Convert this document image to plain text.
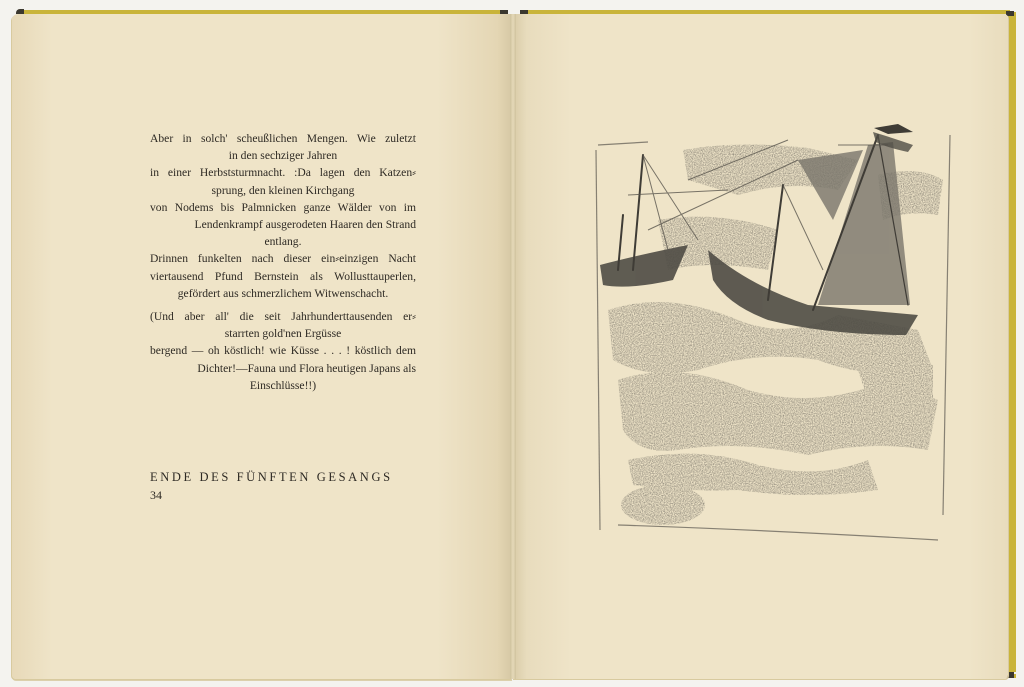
Aber in solch' scheußlichen Mengen. Wie zuletzt

in den sechziger Jahren

in einer Herbststurmnacht. :Da lagen den Katzen⸗

sprung, den kleinen Kirchgang

von Nodems bis Palmnicken ganze Wälder von im

Lendenkrampf ausgerodeten Haaren den Strand

entlang.

Drinnen funkelten nach dieser ein⸗einzigen Nacht

viertausend Pfund Bernstein als Wollusttauperlen,

gefördert aus schmerzlichem Witwenschacht.

(Und aber all' die seit Jahrhunderttausenden er⸗

starrten gold'nen Ergüsse

bergend — oh köstlich! wie Küsse . . . ! köstlich dem

Dichter!—Fauna und Flora heutigen Japans als

Einschlüsse!!)

ENDE DES FÜNFTEN GESANGS
34
